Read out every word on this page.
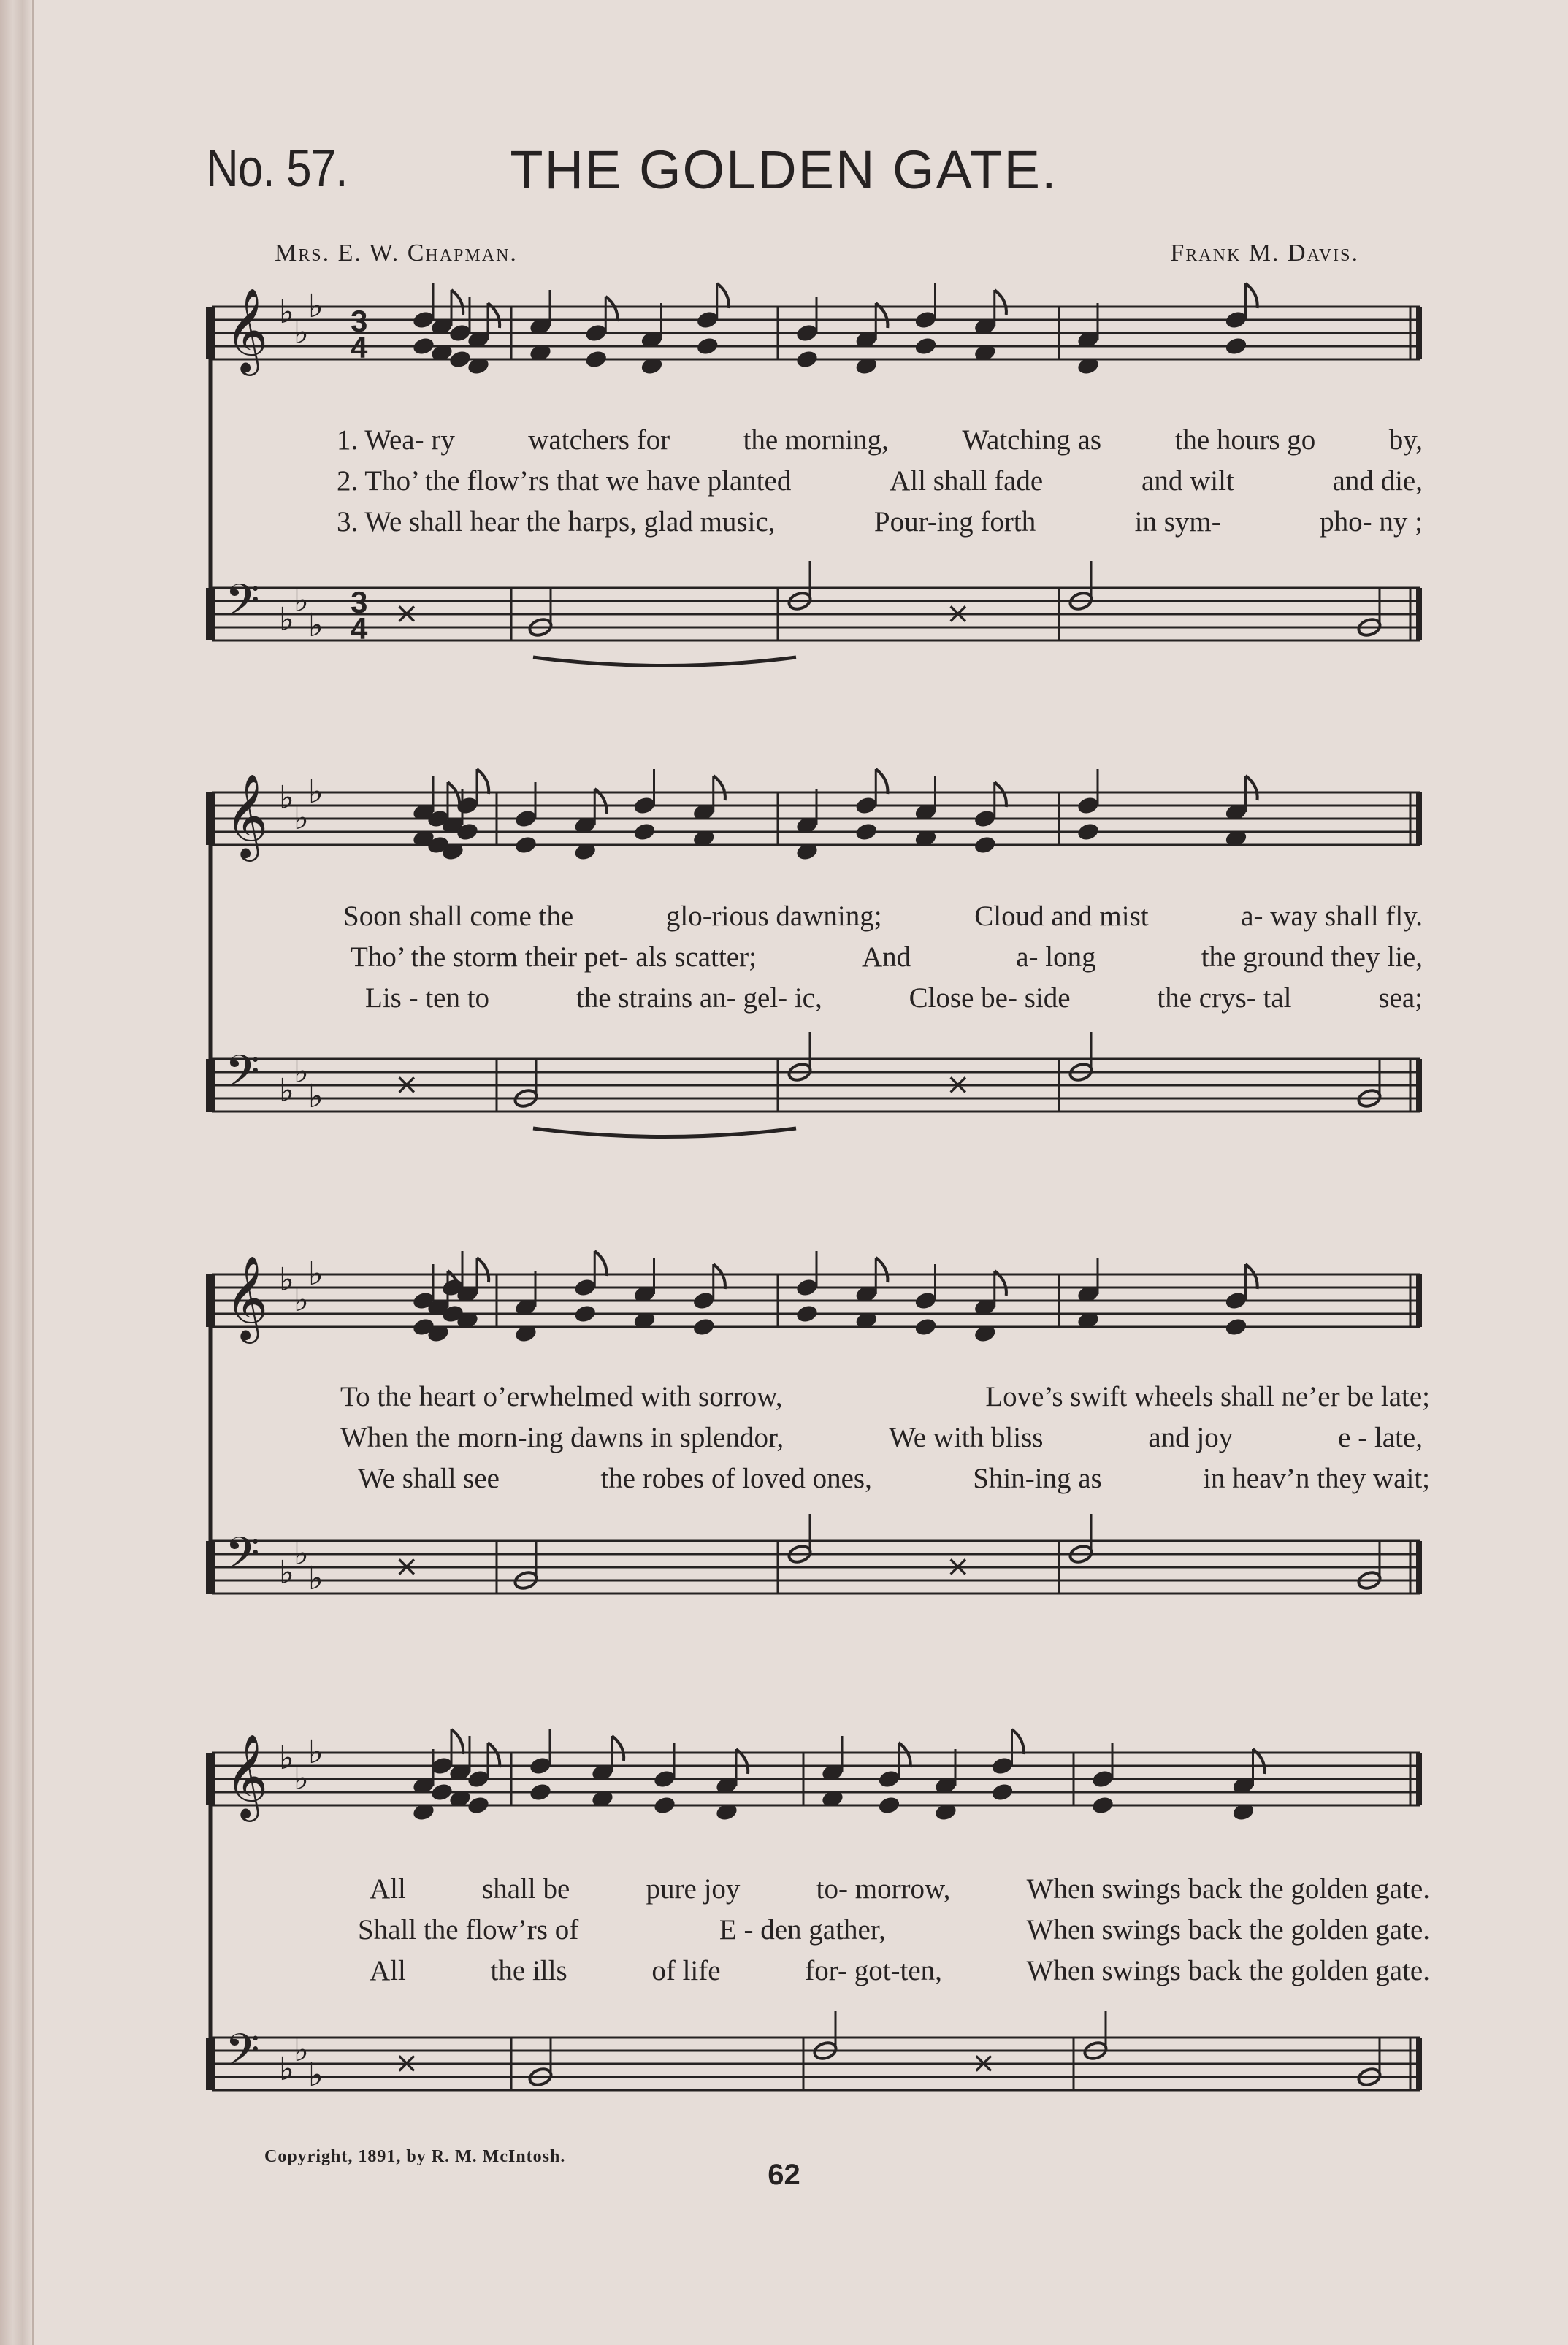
No. 57.	THE GOLDEN GATE.
Mrs. E. W. Chapman.	Frank M. Davis.
𝄞 ♭
♭
♭ 3
4
𝄢 ♭
♭
♭
3
4 ⨯	⨯
𝄞 ♭
♭
♭
𝄢 ♭
♭
♭ ⨯	⨯
𝄞 ♭
♭
♭
𝄢 ♭
♭
♭ ⨯	⨯
𝄞 ♭
♭
♭
𝄢 ♭
♭
♭ ⨯	⨯
1. Wea- ry	watchers for	the morning,	Watching as	the hours go	by,
2. Tho’ the flow’rs that we have planted	All shall fade	and wilt	and die,
3. We shall hear the harps, glad music,	Pour-ing forth	in sym-	pho- ny ;
Soon shall come the	glo-rious dawning;	Cloud and mist	a- way shall fly.
Tho’ the storm their pet- als scatter;	And	a- long	the ground they lie,
Lis - ten to	the strains an- gel- ic,	Close be- side	the crys- tal	sea;
To the heart o’erwhelmed with sorrow,	Love’s swift wheels shall ne’er be late;
When the morn-ing dawns in splendor,	We with bliss	and joy	e - late,
We shall see	the robes of loved ones,	Shin-ing as	in heav’n they wait;
All	shall be	pure joy	to- morrow,	When swings back the golden gate.
Shall the flow’rs of	E - den gather,	When swings back the golden gate.
All	the ills	of life	for- got-ten,	When swings back the golden gate.
Copyright, 1891, by R. M. McIntosh.
62
